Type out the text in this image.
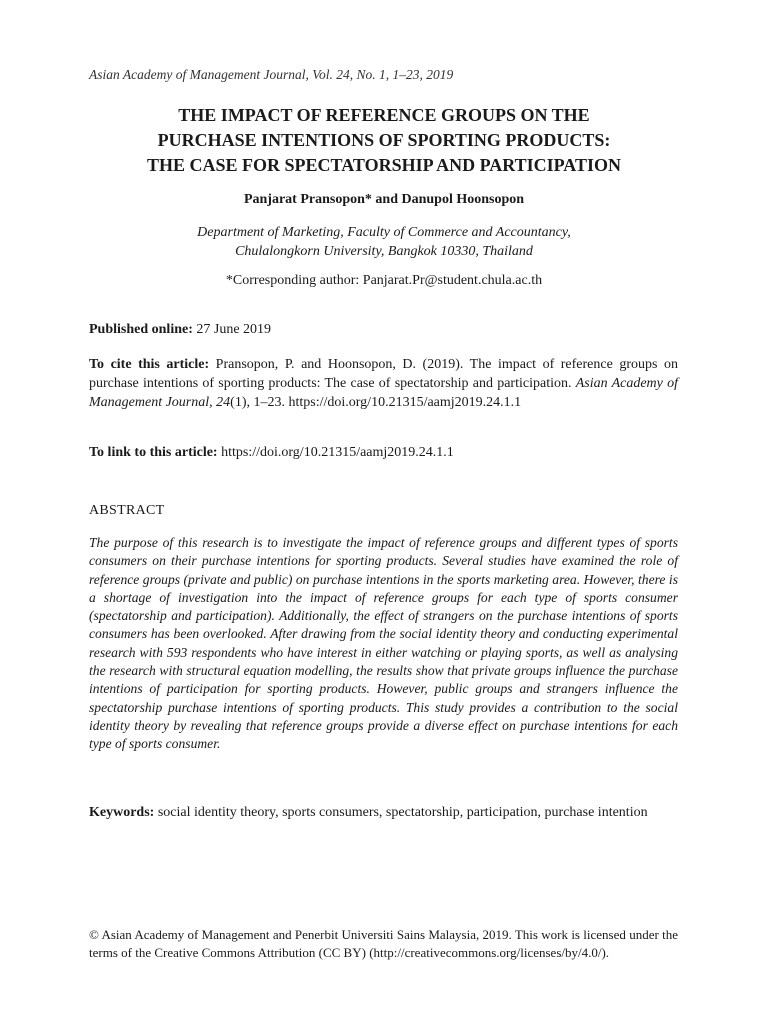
Asian Academy of Management Journal, Vol. 24, No. 1, 1–23, 2019
THE IMPACT OF REFERENCE GROUPS ON THE
PURCHASE INTENTIONS OF SPORTING PRODUCTS:
THE CASE FOR SPECTATORSHIP AND PARTICIPATION
Panjarat Pransopon* and Danupol Hoonsopon
Department of Marketing, Faculty of Commerce and Accountancy,
Chulalongkorn University, Bangkok 10330, Thailand
*Corresponding author: Panjarat.Pr@student.chula.ac.th
Published online: 27 June 2019
To cite this article: Pransopon, P. and Hoonsopon, D. (2019). The impact of reference groups on purchase intentions of sporting products: The case of spectatorship and participation. Asian Academy of Management Journal, 24(1), 1–23. https://doi.org/10.21315/aamj2019.24.1.1
To link to this article: https://doi.org/10.21315/aamj2019.24.1.1
ABSTRACT
The purpose of this research is to investigate the impact of reference groups and different types of sports consumers on their purchase intentions for sporting products. Several studies have examined the role of reference groups (private and public) on purchase intentions in the sports marketing area. However, there is a shortage of investigation into the impact of reference groups for each type of sports consumer (spectatorship and participation). Additionally, the effect of strangers on the purchase intentions of sports consumers has been overlooked. After drawing from the social identity theory and conducting experimental research with 593 respondents who have interest in either watching or playing sports, as well as analysing the research with structural equation modelling, the results show that private groups influence the purchase intentions of participation for sporting products. However, public groups and strangers influence the spectatorship purchase intentions of sporting products. This study provides a contribution to the social identity theory by revealing that reference groups provide a diverse effect on purchase intentions for each type of sports consumer.
Keywords: social identity theory, sports consumers, spectatorship, participation, purchase intention
© Asian Academy of Management and Penerbit Universiti Sains Malaysia, 2019. This work is licensed under the terms of the Creative Commons Attribution (CC BY) (http://creativecommons.org/licenses/by/4.0/).
